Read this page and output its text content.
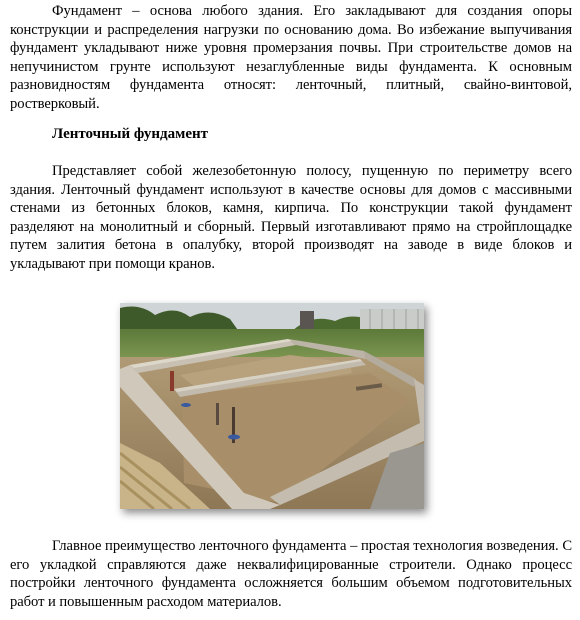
Фундамент – основа любого здания. Его закладывают для создания опоры конструкции и распределения нагрузки по основанию дома. Во избежание выпучивания фундамент укладывают ниже уровня промерзания почвы. При строительстве домов на непучинистом грунте используют незаглубленные виды фундамента. К основным разновидностям фундамента относят: ленточный, плитный, свайно-винтовой, ростверковый.

Ленточный фундамент

Представляет собой железобетонную полосу, пущенную по периметру всего здания. Ленточный фундамент используют в качестве основы для домов с массивными стенами из бетонных блоков, камня, кирпича. По конструкции такой фундамент разделяют на монолитный и сборный. Первый изготавливают прямо на стройплощадке путем залития бетона в опалубку, второй производят на заводе в виде блоков и укладывают при помощи кранов.

Главное преимущество ленточного фундамента – простая технология возведения. С его укладкой справляются даже неквалифицированные строители. Однако процесс постройки ленточного фундамента осложняется большим объемом подготовительных работ и повышенным расходом материалов.
